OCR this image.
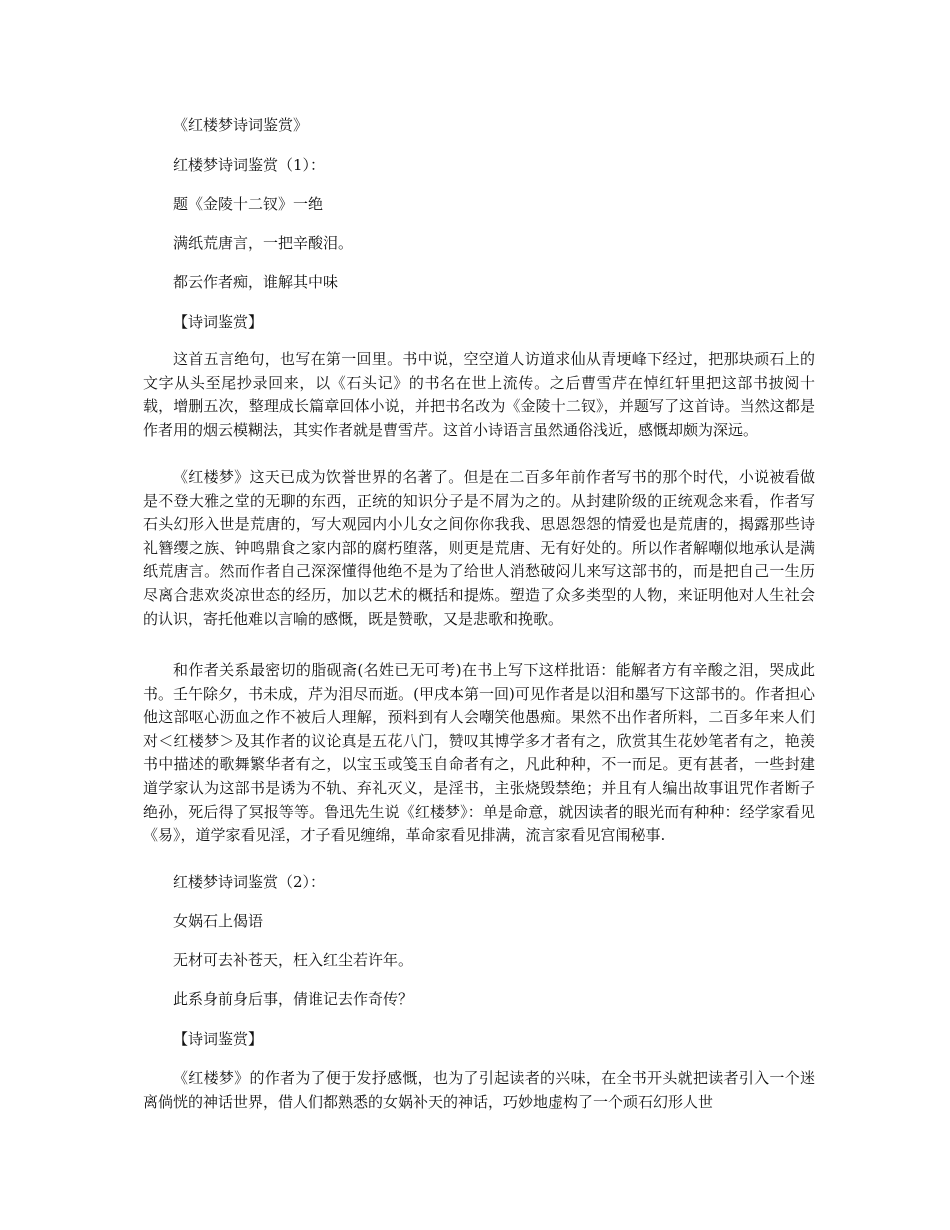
《红楼梦诗词鉴赏》
红楼梦诗词鉴赏（1）：
题《金陵十二钗》一绝
满纸荒唐言，一把辛酸泪。
都云作者痴，谁解其中味
【诗词鉴赏】
这首五言绝句，也写在第一回里。书中说，空空道人访道求仙从青埂峰下经过，把那块顽石上的文字从头至尾抄录回来，以《石头记》的书名在世上流传。之后曹雪芹在悼红轩里把这部书披阅十载，增删五次，整理成长篇章回体小说，并把书名改为《金陵十二钗》，并题写了这首诗。当然这都是作者用的烟云模糊法，其实作者就是曹雪芹。这首小诗语言虽然通俗浅近，感慨却颇为深远。
《红楼梦》这天已成为饮誉世界的名著了。但是在二百多年前作者写书的那个时代，小说被看做是不登大雅之堂的无聊的东西，正统的知识分子是不屑为之的。从封建阶级的正统观念来看，作者写石头幻形入世是荒唐的，写大观园内小儿女之间你你我我、思恩怨怨的情爱也是荒唐的，揭露那些诗礼簪缨之族、钟鸣鼎食之家内部的腐朽堕落，则更是荒唐、无有好处的。所以作者解嘲似地承认是满纸荒唐言。然而作者自己深深懂得他绝不是为了给世人消愁破闷儿来写这部书的，而是把自己一生历尽离合悲欢炎凉世态的经历，加以艺术的概括和提炼。塑造了众多类型的人物，来证明他对人生社会的认识，寄托他难以言喻的感慨，既是赞歌，又是悲歌和挽歌。
和作者关系最密切的脂砚斋(名姓已无可考)在书上写下这样批语：能解者方有辛酸之泪，哭成此书。壬午除夕，书未成，芹为泪尽而逝。(甲戌本第一回)可见作者是以泪和墨写下这部书的。作者担心他这部呕心沥血之作不被后人理解，预料到有人会嘲笑他愚痴。果然不出作者所料，二百多年来人们对＜红楼梦＞及其作者的议论真是五花八门，赞叹其博学多才者有之，欣赏其生花妙笔者有之，艳羡书中描述的歌舞繁华者有之，以宝玉或笺玉自命者有之，凡此种种，不一而足。更有甚者，一些封建道学家认为这部书是诱为不轨、弃礼灭义，是淫书，主张烧毁禁绝；并且有人编出故事诅咒作者断子绝孙，死后得了冥报等等。鲁迅先生说《红楼梦》：单是命意，就因读者的眼光而有种种：经学家看见《易》，道学家看见淫，才子看见缠绵，革命家看见排满，流言家看见宫闱秘事.
红楼梦诗词鉴赏（2）：
女娲石上偈语
无材可去补苍天，枉入红尘若许年。
此系身前身后事，倩谁记去作奇传？
【诗词鉴赏】
《红楼梦》的作者为了便于发抒感慨，也为了引起读者的兴味，在全书开头就把读者引入一个迷离倘恍的神话世界，借人们都熟悉的女娲补天的神话，巧妙地虚构了一个顽石幻形人世
